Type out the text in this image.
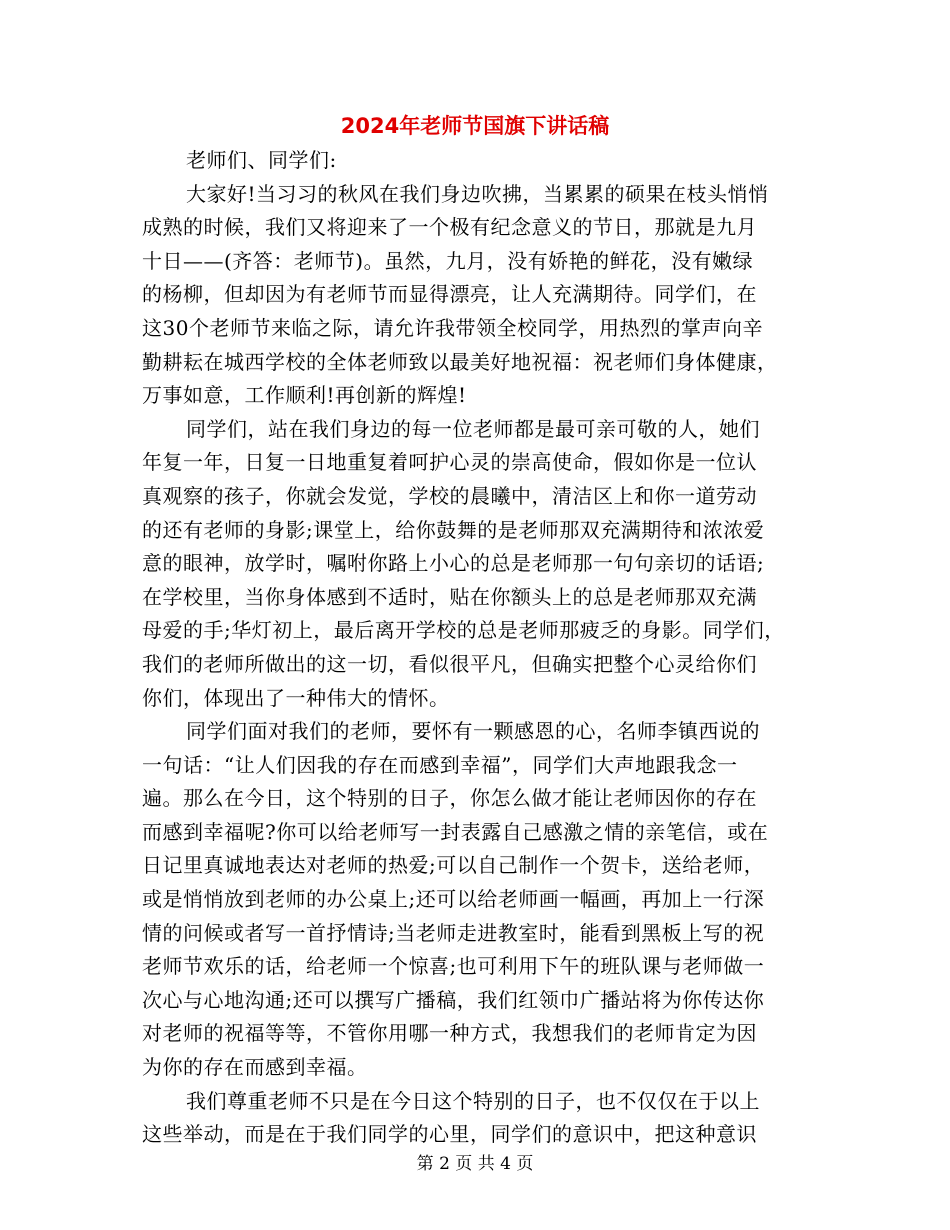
2024年老师节国旗下讲话稿
老师们、同学们:
大家好!当习习的秋风在我们身边吹拂，当累累的硕果在枝头悄悄
成熟的时候，我们又将迎来了一个极有纪念意义的节日，那就是九月
十日——(齐答：老师节)。虽然，九月，没有娇艳的鲜花，没有嫩绿
的杨柳，但却因为有老师节而显得漂亮，让人充满期待。同学们，在
这30个老师节来临之际，请允许我带领全校同学，用热烈的掌声向辛
勤耕耘在城西学校的全体老师致以最美好地祝福：祝老师们身体健康，
万事如意，工作顺利!再创新的辉煌!
同学们，站在我们身边的每一位老师都是最可亲可敬的人，她们
年复一年，日复一日地重复着呵护心灵的崇高使命，假如你是一位认
真观察的孩子，你就会发觉，学校的晨曦中，清洁区上和你一道劳动
的还有老师的身影;课堂上，给你鼓舞的是老师那双充满期待和浓浓爱
意的眼神，放学时，嘱咐你路上小心的总是老师那一句句亲切的话语;
在学校里，当你身体感到不适时，贴在你额头上的总是老师那双充满
母爱的手;华灯初上，最后离开学校的总是老师那疲乏的身影。同学们，
我们的老师所做出的这一切，看似很平凡，但确实把整个心灵给你们
你们，体现出了一种伟大的情怀。
同学们面对我们的老师，要怀有一颗感恩的心，名师李镇西说的
一句话：“让人们因我的存在而感到幸福”，同学们大声地跟我念一
遍。那么在今日，这个特别的日子，你怎么做才能让老师因你的存在
而感到幸福呢?你可以给老师写一封表露自己感激之情的亲笔信，或在
日记里真诚地表达对老师的热爱;可以自己制作一个贺卡，送给老师，
或是悄悄放到老师的办公桌上;还可以给老师画一幅画，再加上一行深
情的问候或者写一首抒情诗;当老师走进教室时，能看到黑板上写的祝
老师节欢乐的话，给老师一个惊喜;也可利用下午的班队课与老师做一
次心与心地沟通;还可以撰写广播稿，我们红领巾广播站将为你传达你
对老师的祝福等等，不管你用哪一种方式，我想我们的老师肯定为因
为你的存在而感到幸福。
我们尊重老师不只是在今日这个特别的日子，也不仅仅在于以上
这些举动，而是在于我们同学的心里，同学们的意识中，把这种意识
第 2 页 共 4 页
